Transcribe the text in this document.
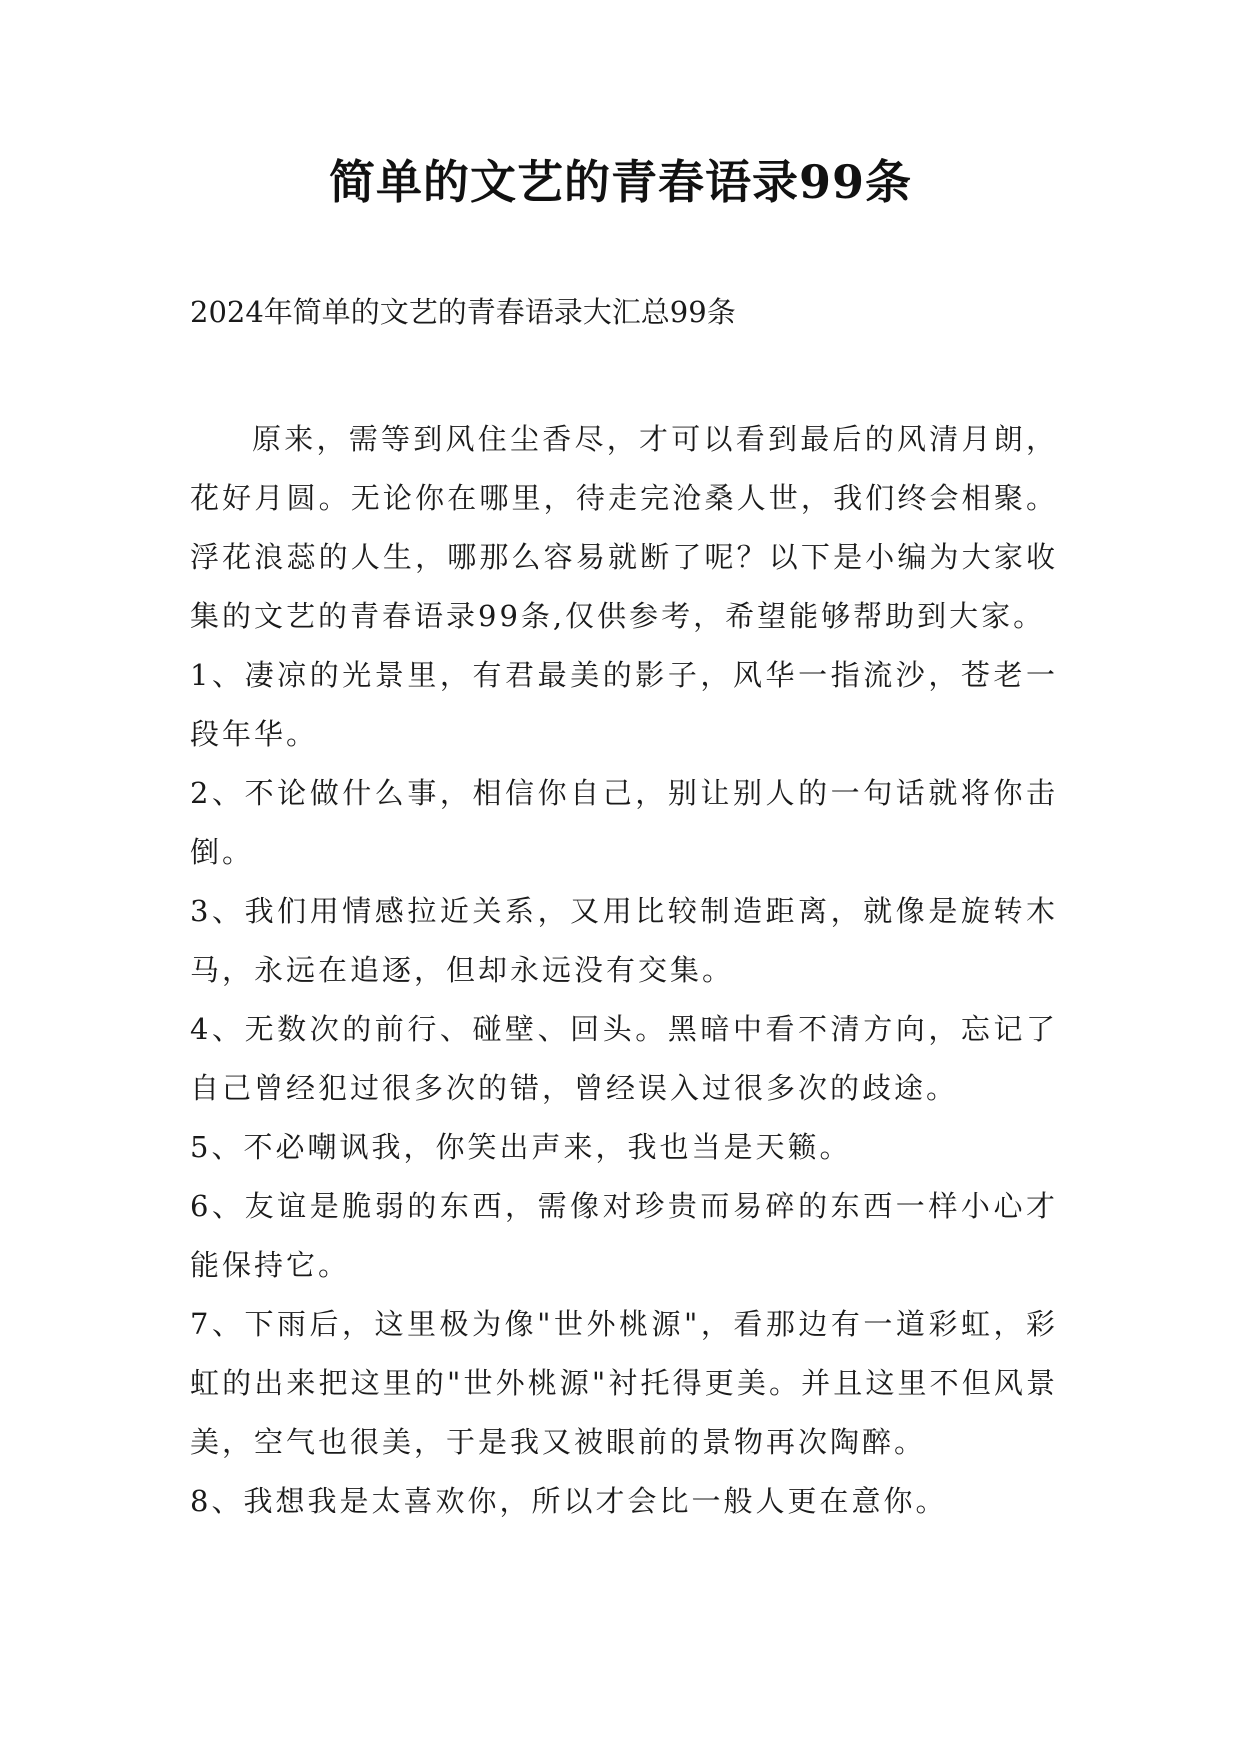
简单的文艺的青春语录99条
2024年简单的文艺的青春语录大汇总99条

原来，需等到风住尘香尽，才可以看到最后的风清月朗，花好月圆。无论你在哪里，待走完沧桑人世，我们终会相聚。浮花浪蕊的人生，哪那么容易就断了呢？以下是小编为大家收集的文艺的青春语录99条,仅供参考，希望能够帮助到大家。

1、凄凉的光景里，有君最美的影子，风华一指流沙，苍老一段年华。

2、不论做什么事，相信你自己，别让别人的一句话就将你击倒。

3、我们用情感拉近关系，又用比较制造距离，就像是旋转木马，永远在追逐，但却永远没有交集。

4、无数次的前行、碰壁、回头。黑暗中看不清方向，忘记了自己曾经犯过很多次的错，曾经误入过很多次的歧途。

5、不必嘲讽我，你笑出声来，我也当是天籁。

6、友谊是脆弱的东西，需像对珍贵而易碎的东西一样小心才能保持它。

7、下雨后，这里极为像"世外桃源"，看那边有一道彩虹，彩虹的出来把这里的"世外桃源"衬托得更美。并且这里不但风景美，空气也很美，于是我又被眼前的景物再次陶醉。

8、我想我是太喜欢你，所以才会比一般人更在意你。
